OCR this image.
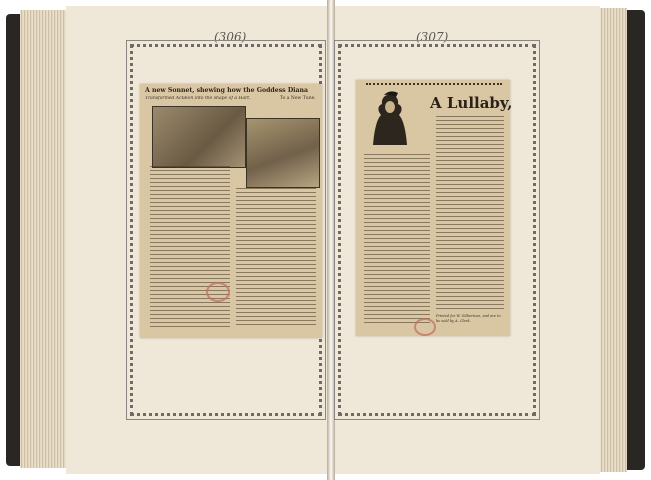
(306)	(307)
A new Sonnet, shewing how the Goddess Diana
Transformed Actæon into the shape of a Hart.	To a New Tune.	A Lullaby,
Printed for W. Gilbertson, and are to be sold by A. Clark.
